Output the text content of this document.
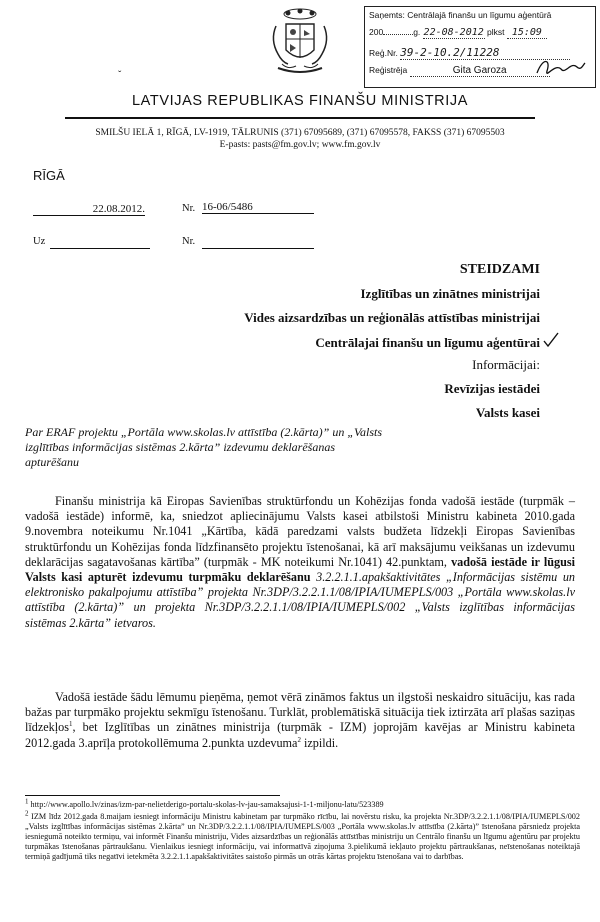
Saņemts: Centrālajā finanšu un līgumu aģentūrā
200	g. 22-08-2012 plkst 15:09
Reģ.Nr. 39-2-10.2/11228
Reģistrēja	Gita Garoza
ˇ
LATVIJAS REPUBLIKAS FINANŠU MINISTRIJA
SMILŠU IELĀ 1, RĪGĀ, LV-1919, TĀLRUNIS (371) 67095689, (371) 67095578, FAKSS (371) 67095503
E-pasts: pasts@fm.gov.lv; www.fm.gov.lv
RĪGĀ
22.08.2012.	Nr. 16-06/5486
Uz	Nr.
STEIDZAMI
Izglītības un zinātnes ministrijai
Vides aizsardzības un reģionālās attīstības ministrijai
Centrālajai finanšu un līgumu aģentūrai
Informācijai:
Revīzijas iestādei
Valsts kasei
Par ERAF projektu „Portāla www.skolas.lv attīstība (2.kārta)” un „Valsts izglītības informācijas sistēmas 2.kārta” izdevumu deklarēšanas apturēšanu

Finanšu ministrija kā Eiropas Savienības struktūrfondu un Kohēzijas fonda vadošā iestāde (turpmāk – vadošā iestāde) informē, ka, sniedzot apliecinājumu Valsts kasei atbilstoši Ministru kabineta 2010.gada 9.novembra noteikumu Nr.1041 „Kārtība, kādā paredzami valsts budžeta līdzekļi Eiropas Savienības struktūrfondu un Kohēzijas fonda līdzfinansēto projektu īstenošanai, kā arī maksājumu veikšanas un izdevumu deklarācijas sagatavošanas kārtība” (turpmāk - MK noteikumi Nr.1041) 42.punktam, vadošā iestāde ir lūgusi Valsts kasi apturēt izdevumu turpmāku deklarēšanu 3.2.2.1.1.apakšaktivitātes „Informācijas sistēmu un elektronisko pakalpojumu attīstība” projekta Nr.3DP/3.2.2.1.1/08/IPIA/IUMEPLS/003 „Portāla www.skolas.lv attīstība (2.kārta)” un projekta Nr.3DP/3.2.2.1.1/08/IPIA/IUMEPLS/002 „Valsts izglītības informācijas sistēmas 2.kārta” ietvaros.

Vadošā iestāde šādu lēmumu pieņēma, ņemot vērā zināmos faktus un ilgstoši neskaidro situāciju, kas rada bažas par turpmāko projektu sekmīgu īstenošanu. Turklāt, problemātiskā situācija tiek iztirzāta arī plašas saziņas līdzekļos$^1$, bet Izglītības un zinātnes ministrija (turpmāk - IZM) joprojām kavējas ar Ministru kabineta 2012.gada 3.aprīļa protokollēmuma 2.punkta uzdevuma$^2$ izpildi.

$^1$ http://www.apollo.lv/zinas/izm-par-nelietderigo-portalu-skolas-lv-jau-samaksajusi-1-1-miljonu-latu/523389
$^2$ IZM līdz 2012.gada 8.maijam iesniegt informāciju Ministru kabinetam par turpmāko rīcību, lai novērstu risku, ka projekta Nr.3DP/3.2.2.1.1/08/IPIA/IUMEPLS/002 „Valsts izglītības informācijas sistēmas 2.kārta” un Nr.3DP/3.2.2.1.1/08/IPIA/IUMEPLS/003 „Portāla www.skolas.lv attīstība (2.kārta)” īstenošana pārsniedz projekta iesniegumā noteikto termiņu, vai informēt Finanšu ministriju, Vides aizsardzības un reģionālās attīstības ministriju un Centrālo finanšu un līgumu aģentūru par projektu turpmākas īstenošanas pārtraukšanu. Vienlaikus iesniegt informāciju, vai informatīvā ziņojuma 3.pielikumā iekļauto projektu pārtraukšanas, neīstenošanas noteiktajā termiņā gadījumā tiks negatīvi ietekmēta 3.2.2.1.1.apakšaktivitātes saistošo pirmās un otrās kārtas projektu īstenošana vai to darbības.
